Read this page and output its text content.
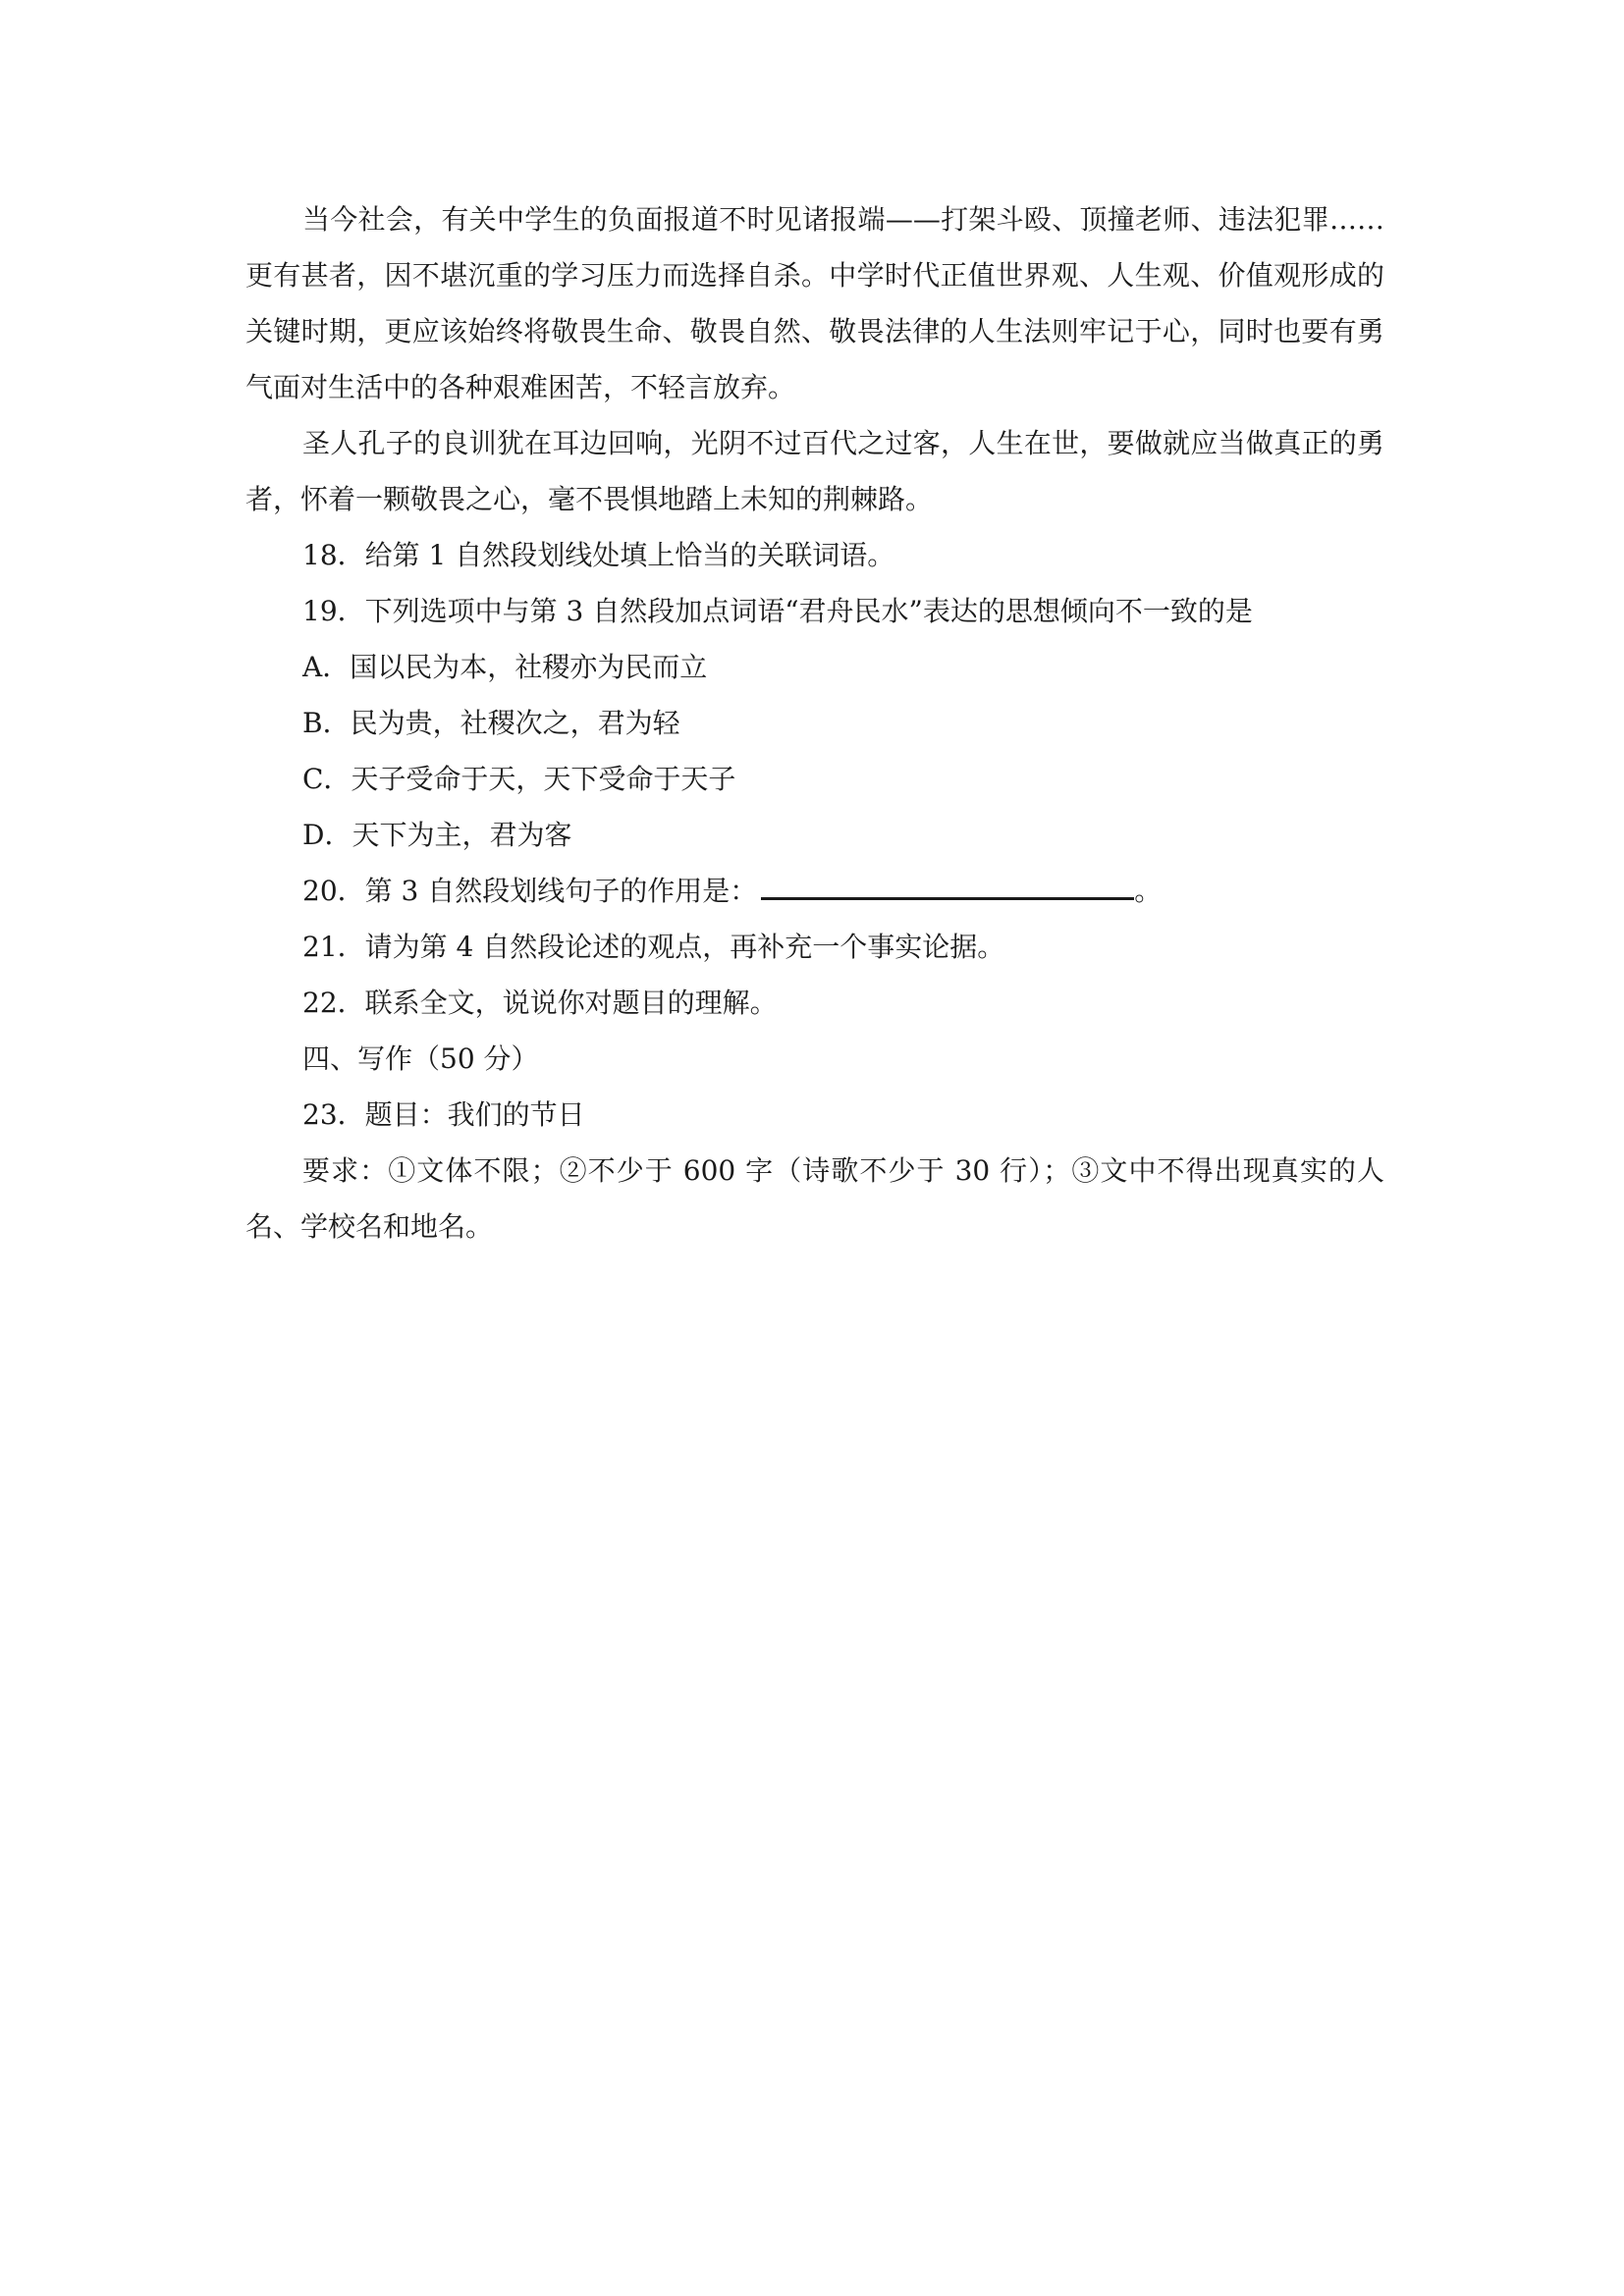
当今社会，有关中学生的负面报道不时见诸报端——打架斗殴、顶撞老师、违法犯罪……更有甚者，因不堪沉重的学习压力而选择自杀。中学时代正值世界观、人生观、价值观形成的关键时期，更应该始终将敬畏生命、敬畏自然、敬畏法律的人生法则牢记于心，同时也要有勇气面对生活中的各种艰难困苦，不轻言放弃。

圣人孔子的良训犹在耳边回响，光阴不过百代之过客，人生在世，要做就应当做真正的勇者，怀着一颗敬畏之心，毫不畏惧地踏上未知的荆棘路。

18．给第 1 自然段划线处填上恰当的关联词语。

19．下列选项中与第 3 自然段加点词语“君舟民水”表达的思想倾向不一致的是

A．国以民为本，社稷亦为民而立

B．民为贵，社稷次之，君为轻

C．天子受命于天，天下受命于天子

D．天下为主，君为客

20．第 3 自然段划线句子的作用是：	。

21．请为第 4 自然段论述的观点，再补充一个事实论据。

22．联系全文，说说你对题目的理解。

四、写作（50 分）

23．题目：我们的节日

要求：①文体不限；②不少于 600 字（诗歌不少于 30 行）；③文中不得出现真实的人名、学校名和地名。
